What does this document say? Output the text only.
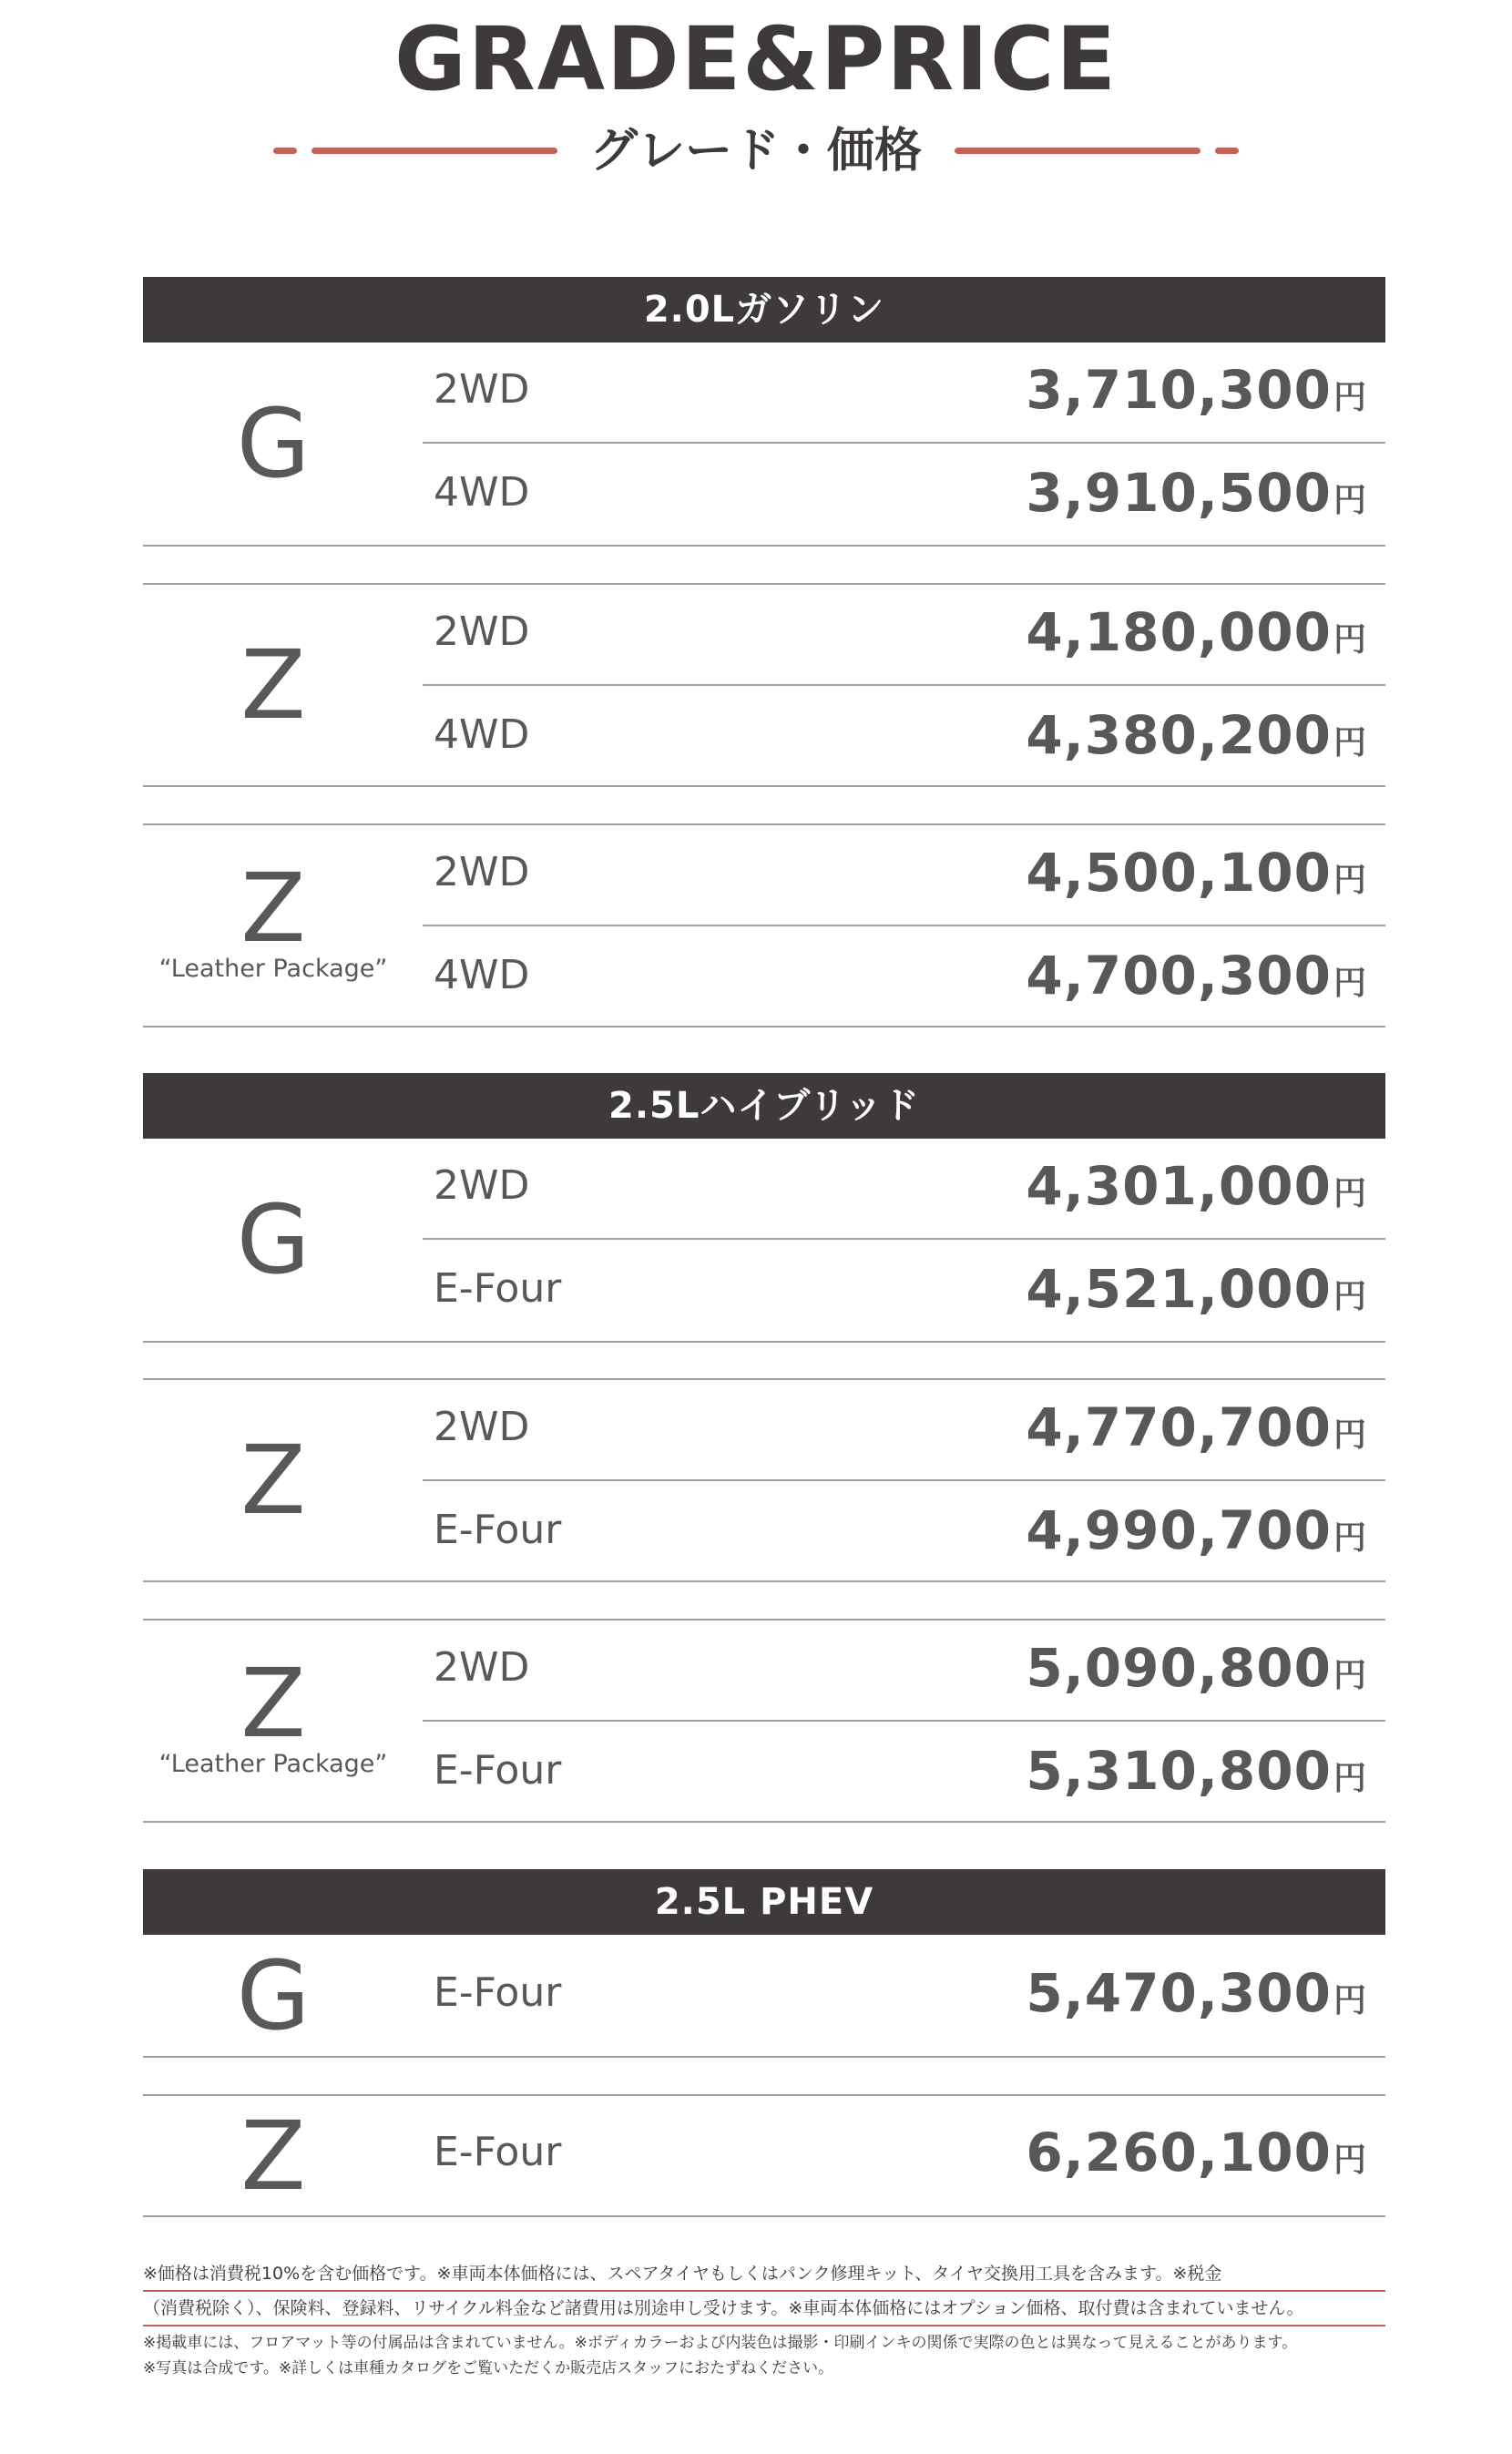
GRADE&PRICE
グレード・価格
2.0Lガソリン
G	2WD	3,710,300円
4WD	3,910,500円
Z	2WD	4,180,000円
4WD	4,380,200円
Z
“Leather Package”
2WD	4,500,100円
4WD	4,700,300円
2.5Lハイブリッド
G	2WD	4,301,000円
E-Four	4,521,000円
Z	2WD	4,770,700円
E-Four	4,990,700円
Z
“Leather Package”
2WD	5,090,800円
E-Four	5,310,800円
2.5L PHEV
G	E-Four	5,470,300円
Z	E-Four	6,260,100円
※価格は消費税10%を含む価格です。※車両本体価格には、スペアタイヤもしくはパンク修理キット、タイヤ交換用工具を含みます。※税金
（消費税除く）、保険料、登録料、リサイクル料金など諸費用は別途申し受けます。※車両本体価格にはオプション価格、取付費は含まれていません。
※掲載車には、フロアマット等の付属品は含まれていません。※ボディカラーおよび内装色は撮影・印刷インキの関係で実際の色とは異なって見えることがあります。
※写真は合成です。※詳しくは車種カタログをご覧いただくか販売店スタッフにおたずねください。
